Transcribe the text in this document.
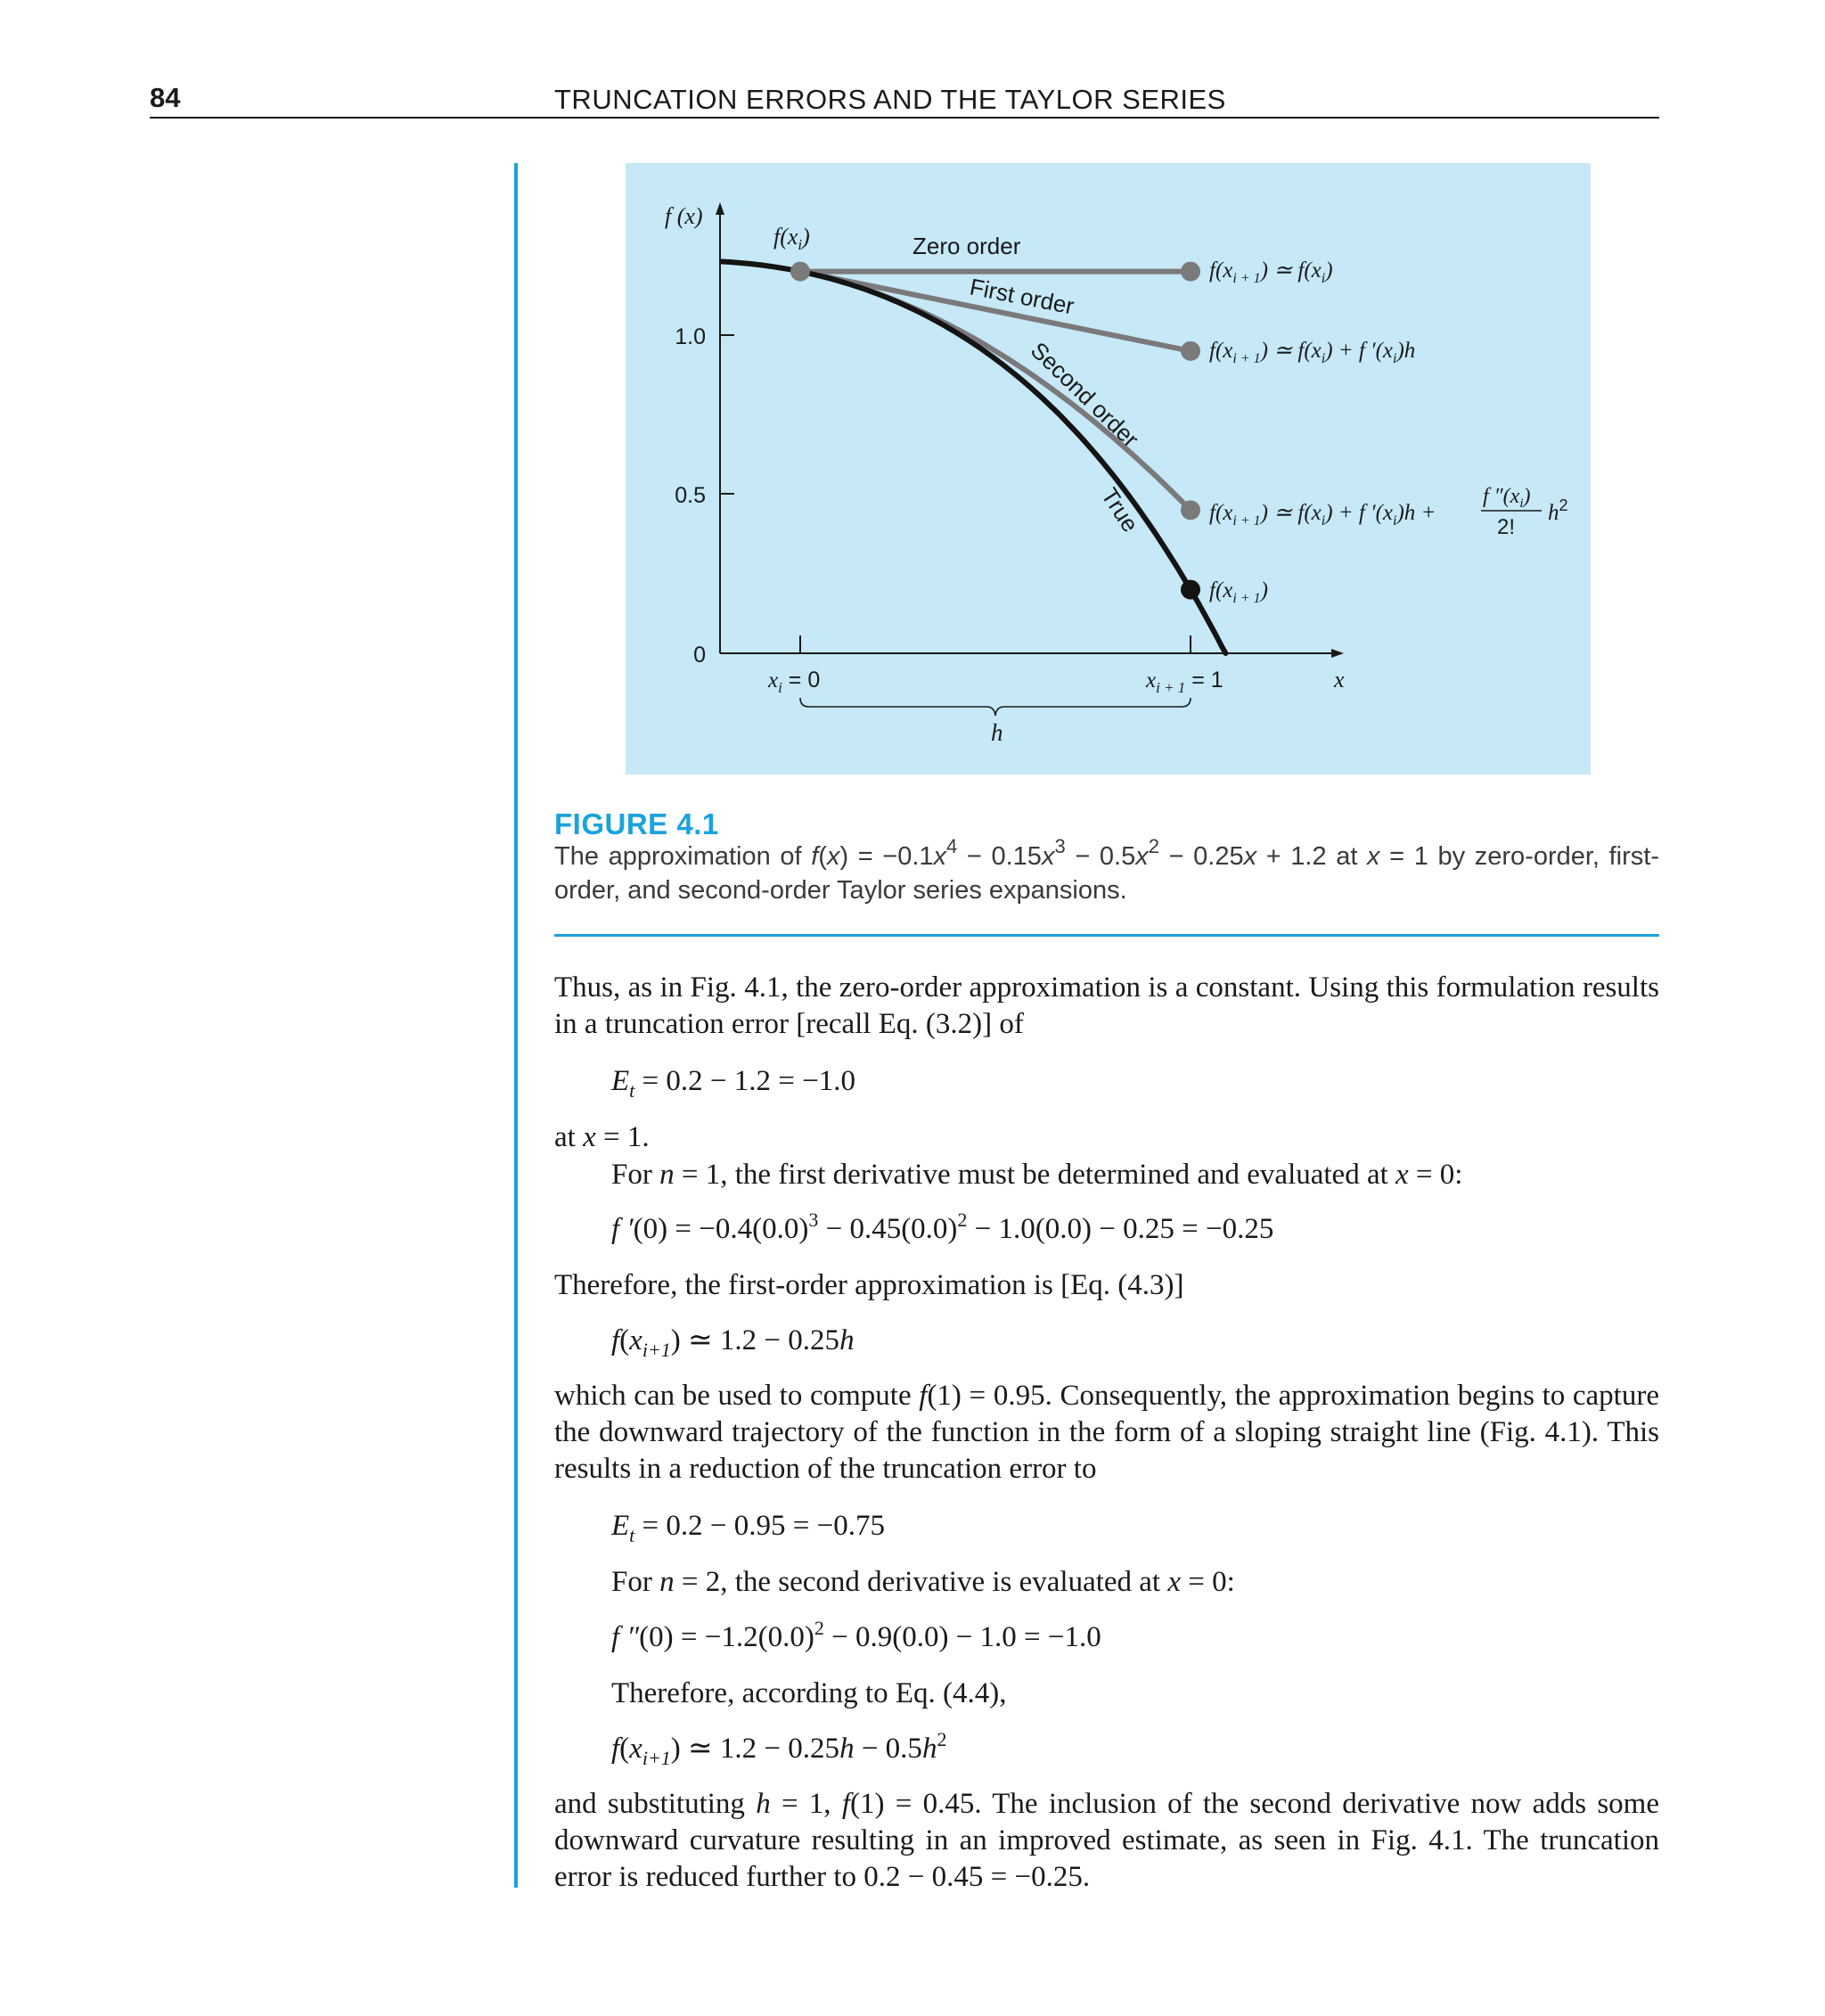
84	TRUNCATION ERRORS AND THE TAYLOR SERIES
1.0
0.5
0
f (x)
$x_i = 0$	$x_{i + 1} = 1$	x
h
Zero order
First order
Second order
True
$f(x_i)$
$f(x_{i + 1})$ ≃ $f(x_i)$
$f(x_{i + 1})$ ≃ $f(x_i) + f$ $'(x_i)h$
$f(x_{i + 1})$ ≃ $f(x_i) + f$ $'(x_i)h$ +
f $''(x_i)$
2!
$h^2$
$f(x_{i + 1})$
FIGURE 4.1
The approximation of $f(x) = -0.1x^4 - 0.15x^3 - 0.5x^2 - 0.25x + 1.2$ at x = 1 by zero-order, first-order, and second-order Taylor series expansions.
Thus, as in Fig. 4.1, the zero-order approximation is a constant. Using this formulation results in a truncation error [recall Eq. (3.2)] of
$E_t = 0.2 - 1.2 = -1.0$
at x = 1.
For n = 1, the first derivative must be determined and evaluated at x = 0:
f $'(0) = -0.4(0.0)^3 - 0.45(0.0)^2 - 1.0(0.0) - 0.25 = -0.25$
Therefore, the first-order approximation is [Eq. (4.3)]
$f(x_{i+1})$ ≃ 1.2 − 0.25h
which can be used to compute f(1) = 0.95. Consequently, the approximation begins to capture the downward trajectory of the function in the form of a sloping straight line (Fig. 4.1). This results in a reduction of the truncation error to
$E_t = 0.2 - 0.95 = -0.75$
For n = 2, the second derivative is evaluated at x = 0:
f $''(0) = -1.2(0.0)^2 - 0.9(0.0) - 1.0 = -1.0$
Therefore, according to Eq. (4.4),
$f(x_{i+1})$ ≃ $1.2 - 0.25h - 0.5h^2$
and substituting h = 1, f(1) = 0.45. The inclusion of the second derivative now adds some downward curvature resulting in an improved estimate, as seen in Fig. 4.1. The truncation error is reduced further to 0.2 − 0.45 = −0.25.
